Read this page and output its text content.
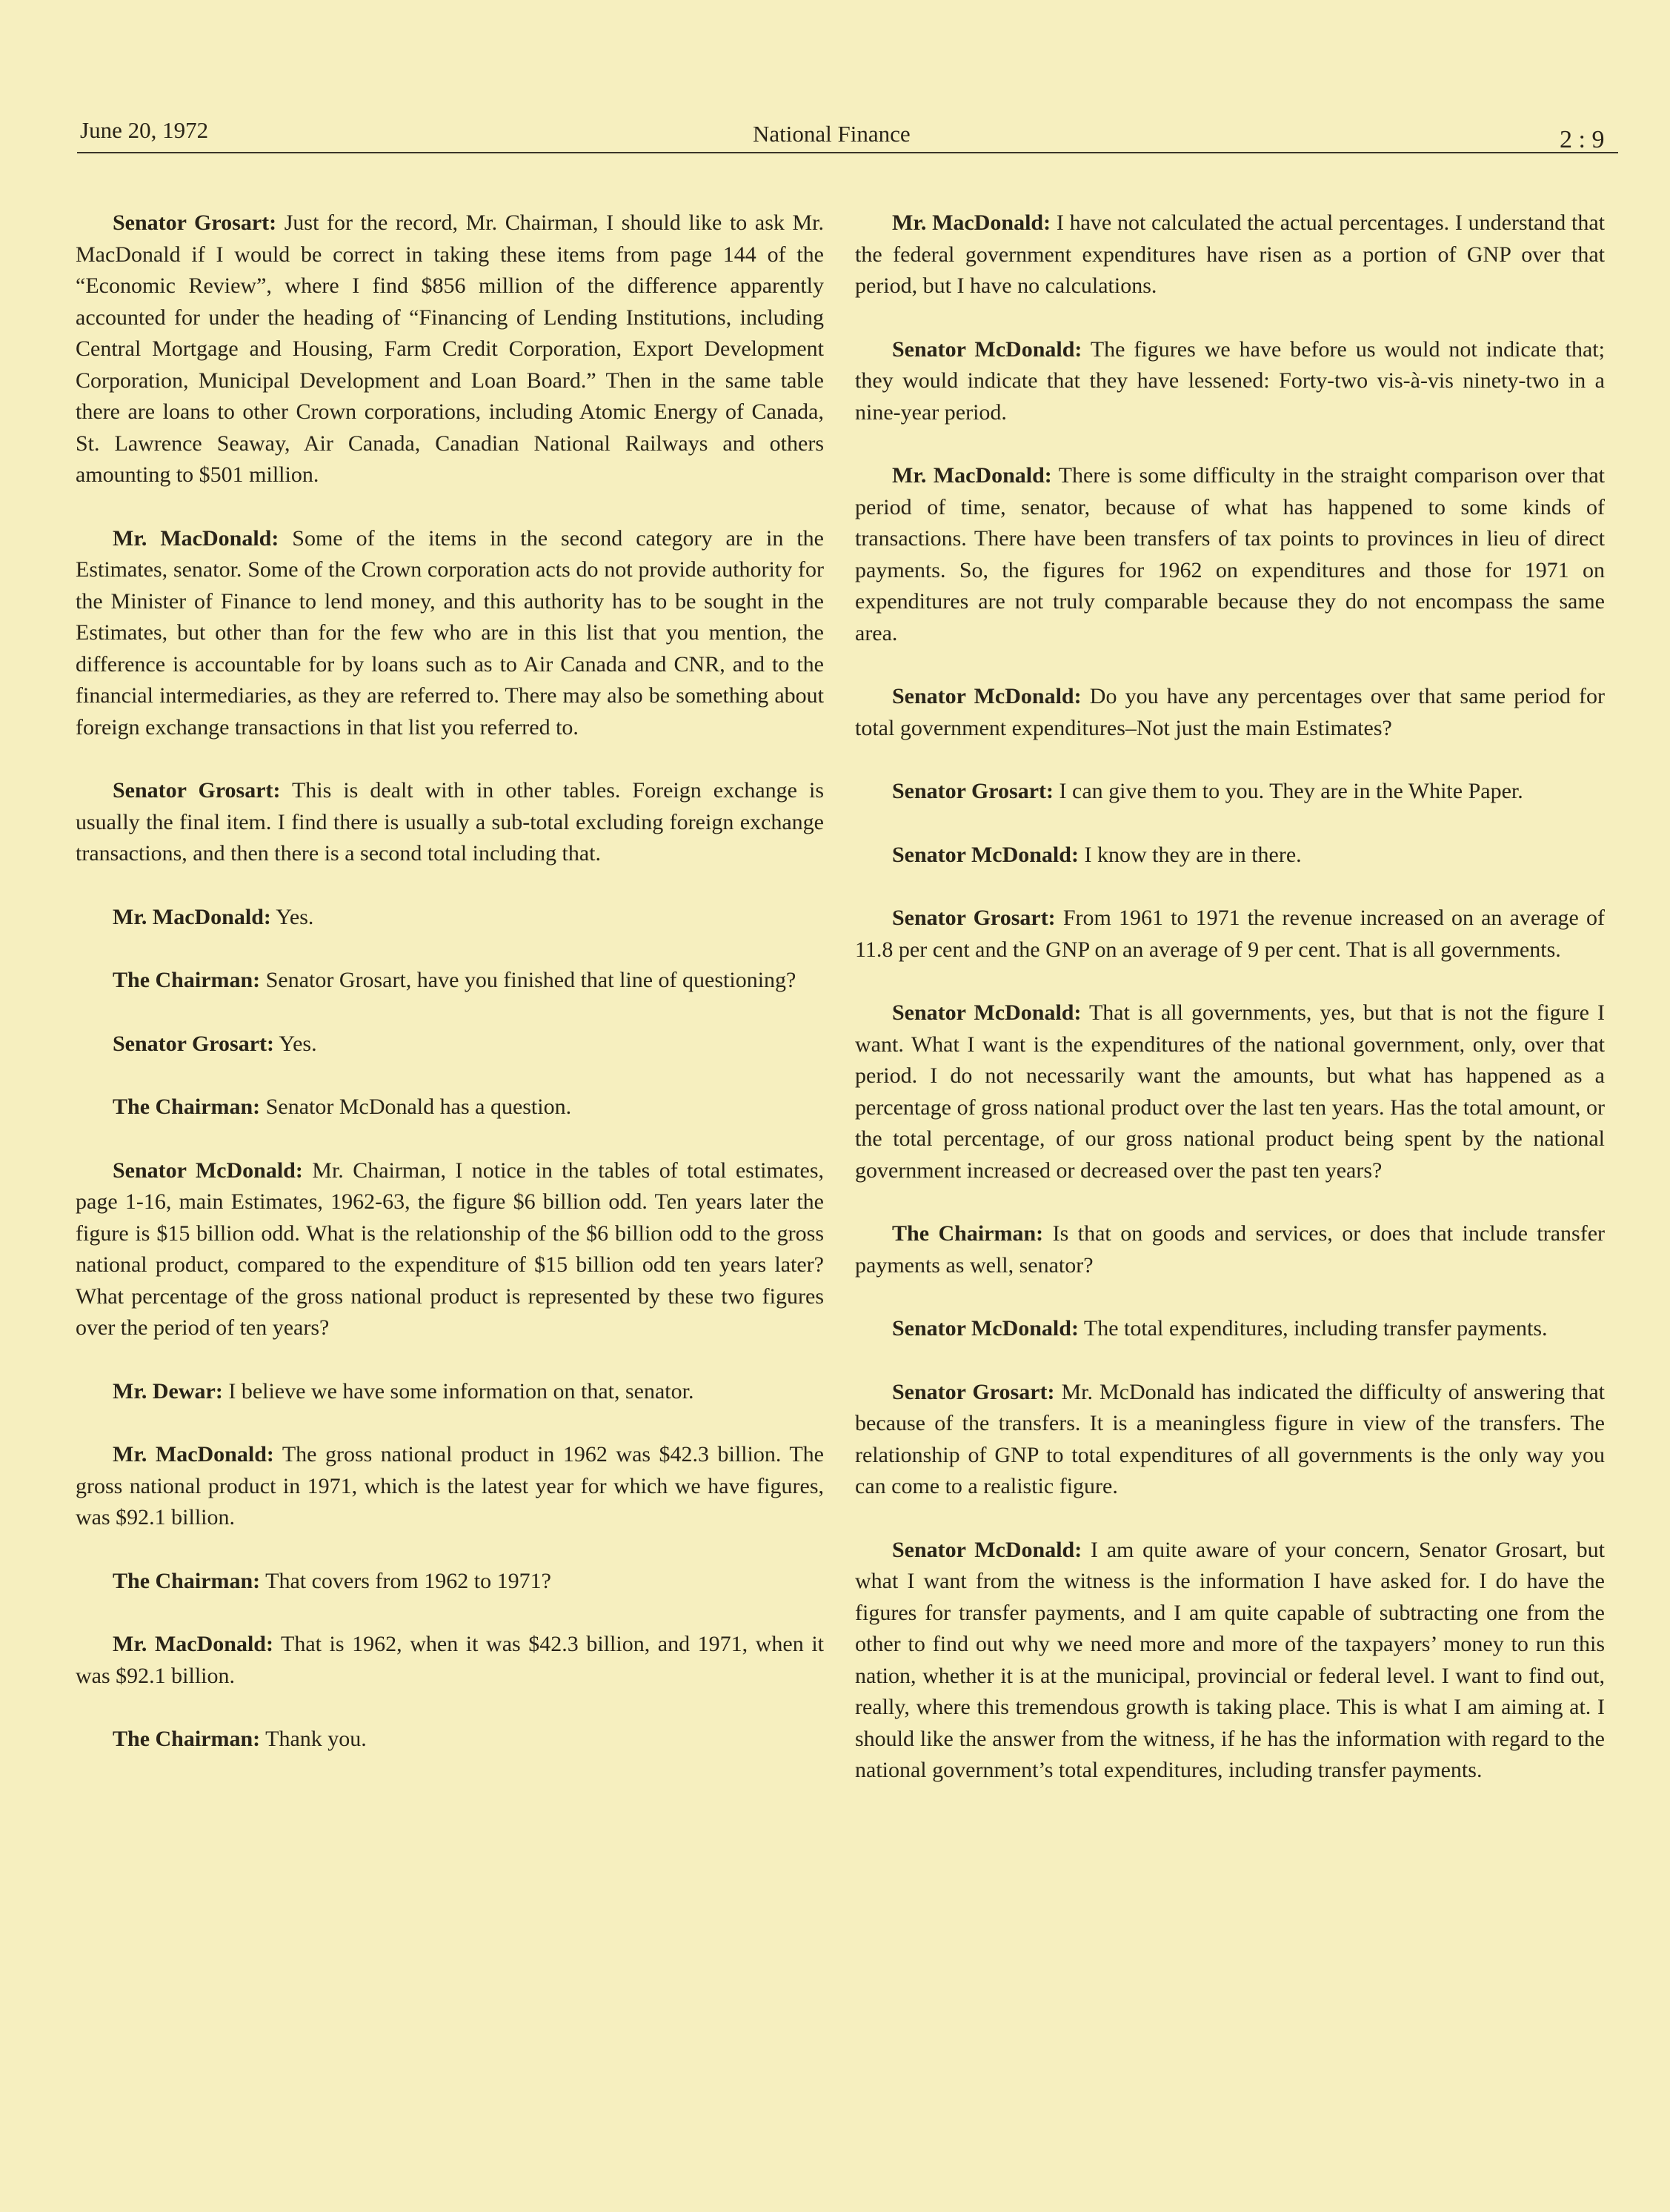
June 20, 1972	National Finance	2 : 9

Senator Grosart: Just for the record, Mr. Chairman, I should like to ask Mr. MacDonald if I would be correct in taking these items from page 144 of the “Economic Review”, where I find $856 million of the difference apparently accounted for under the heading of “Financing of Lending Institutions, including Central Mortgage and Housing, Farm Credit Corporation, Export Development Corporation, Municipal Development and Loan Board.” Then in the same table there are loans to other Crown corporations, including Atomic Energy of Canada, St. Lawrence Seaway, Air Canada, Canadian National Railways and others amounting to $501 million.

Mr. MacDonald: Some of the items in the second category are in the Estimates, senator. Some of the Crown corporation acts do not provide authority for the Minister of Finance to lend money, and this authority has to be sought in the Estimates, but other than for the few who are in this list that you mention, the difference is accountable for by loans such as to Air Canada and CNR, and to the financial intermediaries, as they are referred to. There may also be something about foreign exchange transactions in that list you referred to.

Senator Grosart: This is dealt with in other tables. Foreign exchange is usually the final item. I find there is usually a sub-total excluding foreign exchange transactions, and then there is a second total including that.

Mr. MacDonald: Yes.

The Chairman: Senator Grosart, have you finished that line of questioning?

Senator Grosart: Yes.

The Chairman: Senator McDonald has a question.

Senator McDonald: Mr. Chairman, I notice in the tables of total estimates, page 1-16, main Estimates, 1962-63, the figure $6 billion odd. Ten years later the figure is $15 billion odd. What is the relationship of the $6 billion odd to the gross national product, compared to the expenditure of $15 billion odd ten years later? What percentage of the gross national product is represented by these two figures over the period of ten years?

Mr. Dewar: I believe we have some information on that, senator.

Mr. MacDonald: The gross national product in 1962 was $42.3 billion. The gross national product in 1971, which is the latest year for which we have figures, was $92.1 billion.

The Chairman: That covers from 1962 to 1971?

Mr. MacDonald: That is 1962, when it was $42.3 billion, and 1971, when it was $92.1 billion.

The Chairman: Thank you.

Mr. MacDonald: I have not calculated the actual percentages. I understand that the federal government expenditures have risen as a portion of GNP over that period, but I have no calculations.

Senator McDonald: The figures we have before us would not indicate that; they would indicate that they have lessened: Forty-two vis-à-vis ninety-two in a nine-year period.

Mr. MacDonald: There is some difficulty in the straight comparison over that period of time, senator, because of what has happened to some kinds of transactions. There have been transfers of tax points to provinces in lieu of direct payments. So, the figures for 1962 on expenditures and those for 1971 on expenditures are not truly comparable because they do not encompass the same area.

Senator McDonald: Do you have any percentages over that same period for total government expenditures–Not just the main Estimates?

Senator Grosart: I can give them to you. They are in the White Paper.

Senator McDonald: I know they are in there.

Senator Grosart: From 1961 to 1971 the revenue increased on an average of 11.8 per cent and the GNP on an average of 9 per cent. That is all governments.

Senator McDonald: That is all governments, yes, but that is not the figure I want. What I want is the expenditures of the national government, only, over that period. I do not necessarily want the amounts, but what has happened as a percentage of gross national product over the last ten years. Has the total amount, or the total percentage, of our gross national product being spent by the national government increased or decreased over the past ten years?

The Chairman: Is that on goods and services, or does that include transfer payments as well, senator?

Senator McDonald: The total expenditures, including transfer payments.

Senator Grosart: Mr. McDonald has indicated the difficulty of answering that because of the transfers. It is a meaningless figure in view of the transfers. The relationship of GNP to total expenditures of all governments is the only way you can come to a realistic figure.

Senator McDonald: I am quite aware of your concern, Senator Grosart, but what I want from the witness is the information I have asked for. I do have the figures for transfer payments, and I am quite capable of subtracting one from the other to find out why we need more and more of the taxpayers’ money to run this nation, whether it is at the municipal, provincial or federal level. I want to find out, really, where this tremendous growth is taking place. This is what I am aiming at. I should like the answer from the witness, if he has the information with regard to the national government’s total expenditures, including transfer payments.
